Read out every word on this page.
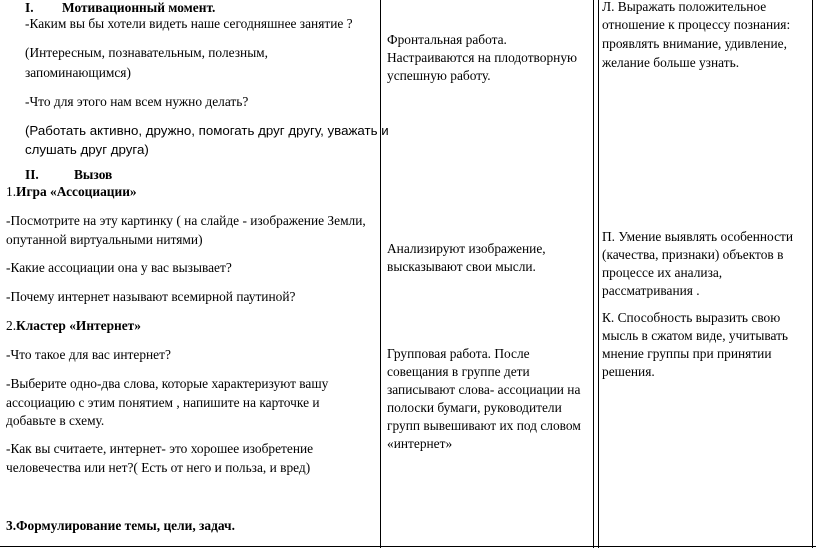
I. Мотивационный момент.

-Каким вы бы хотели видеть наше сегодняшнее занятие ?

(Интересным, познавательным, полезным,

запоминающимся)

-Что для этого нам всем нужно делать?

(Работать активно, дружно, помогать друг другу, уважать и

слушать друг друга)

II.	Вызов

1.Игра «Ассоциации»

-Посмотрите на эту картинку ( на слайде - изображение Земли,

опутанной виртуальными нитями)

-Какие ассоциации она у вас вызывает?

-Почему интернет называют всемирной паутиной?

2.Кластер «Интернет»

-Что такое для вас интернет?

-Выберите одно-два слова, которые характеризуют вашу

ассоциацию с этим понятием , напишите на карточке и

добавьте в схему.

-Как вы считаете, интернет- это хорошее изобретение

человечества или нет?( Есть от него и польза, и вред)

3.Формулирование темы, цели, задач.

Фронтальная работа.

Настраиваются на плодотворную

успешную работу.

Анализируют изображение,

высказывают свои мысли.

Групповая работа. После

совещания в группе дети

записывают слова- ассоциации на

полоски бумаги, руководители

групп вывешивают их под словом

«интернет»

Л. Выражать положительное

отношение к процессу познания:

проявлять внимание, удивление,

желание больше узнать.

П. Умение выявлять особенности

(качества, признаки) объектов в

процессе их анализа,

рассматривания .

К. Способность выразить свою

мысль в сжатом виде, учитывать

мнение группы при принятии

решения.
